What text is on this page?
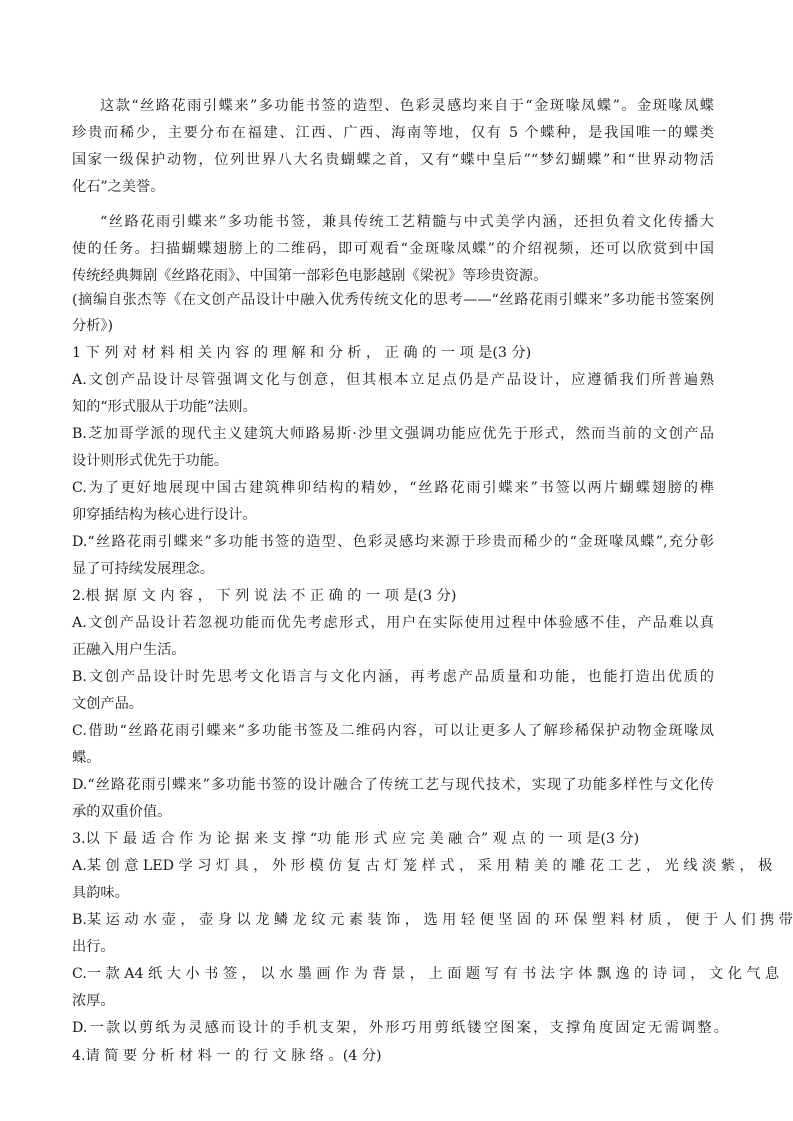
这款“丝路花雨引蝶来”多功能书签的造型、色彩灵感均来自于“金斑喙凤蝶”。金斑喙凤蝶
珍贵而稀少，主要分布在福建、江西、广西、海南等地，仅有 5 个蝶种，是我国唯一的蝶类
国家一级保护动物，位列世界八大名贵蝴蝶之首，又有“蝶中皇后”“梦幻蝴蝶”和“世界动物活
化石”之美誉。
“丝路花雨引蝶来”多功能书签，兼具传统工艺精髓与中式美学内涵，还担负着文化传播大
使的任务。扫描蝴蝶翅膀上的二维码，即可观看“金斑喙凤蝶”的介绍视频，还可以欣赏到中国
传统经典舞剧《丝路花雨》、中国第一部彩色电影越剧《梁祝》等珍贵资源。
(摘编自张杰等《在文创产品设计中融入优秀传统文化的思考——“丝路花雨引蝶来”多功能书签案例
分析》)
1 下 列 对 材 料 相 关 内 容 的 理 解 和 分 析 ， 正 确 的 一 项 是(3 分)
A.文创产品设计尽管强调文化与创意，但其根本立足点仍是产品设计，应遵循我们所普遍熟
知的“形式服从于功能”法则。
B.芝加哥学派的现代主义建筑大师路易斯·沙里文强调功能应优先于形式，然而当前的文创产品
设计则形式优先于功能。
C.为了更好地展现中国古建筑榫卯结构的精妙，“丝路花雨引蝶来”书签以两片蝴蝶翅膀的榫
卯穿插结构为核心进行设计。
D.“丝路花雨引蝶来”多功能书签的造型、色彩灵感均来源于珍贵而稀少的“金斑喙凤蝶”,充分彰
显了可持续发展理念。
2.根 据 原 文 内 容 ， 下 列 说 法 不 正 确 的 一 项 是(3 分)
A.文创产品设计若忽视功能而优先考虑形式，用户在实际使用过程中体验感不佳，产品难以真
正融入用户生活。
B.文创产品设计时先思考文化语言与文化内涵，再考虑产品质量和功能，也能打造出优质的
文创产品。
C.借助“丝路花雨引蝶来”多功能书签及二维码内容，可以让更多人了解珍稀保护动物金斑喙凤
蝶。
D.“丝路花雨引蝶来”多功能书签的设计融合了传统工艺与现代技术，实现了功能多样性与文化传
承的双重价值。
3.以 下 最 适 合 作 为 论 据 来 支 撑 “功 能 形 式 应 完 美 融 合” 观 点 的 一 项 是(3 分)
A.某 创 意 LED 学 习 灯 具 ， 外 形 模 仿 复 古 灯 笼 样 式 ， 采 用 精 美 的 雕 花 工 艺 ， 光 线 淡 紫 ， 极
具韵味。
B.某 运 动 水 壶 ， 壶 身 以 龙 鳞 龙 纹 元 素 装 饰 ， 选 用 轻 便 坚 固 的 环 保 塑 料 材 质 ， 便 于 人 们 携 带
出行。
C.一 款 A4 纸 大 小 书 签 ， 以 水 墨 画 作 为 背 景 ， 上 面 题 写 有 书 法 字 体 飘 逸 的 诗 词 ， 文 化 气 息
浓厚。
D.一款以剪纸为灵感而设计的手机支架，外形巧用剪纸镂空图案，支撑角度固定无需调整。
4.请 简 要 分 析 材 料 一 的 行 文 脉 络 。(4 分)
